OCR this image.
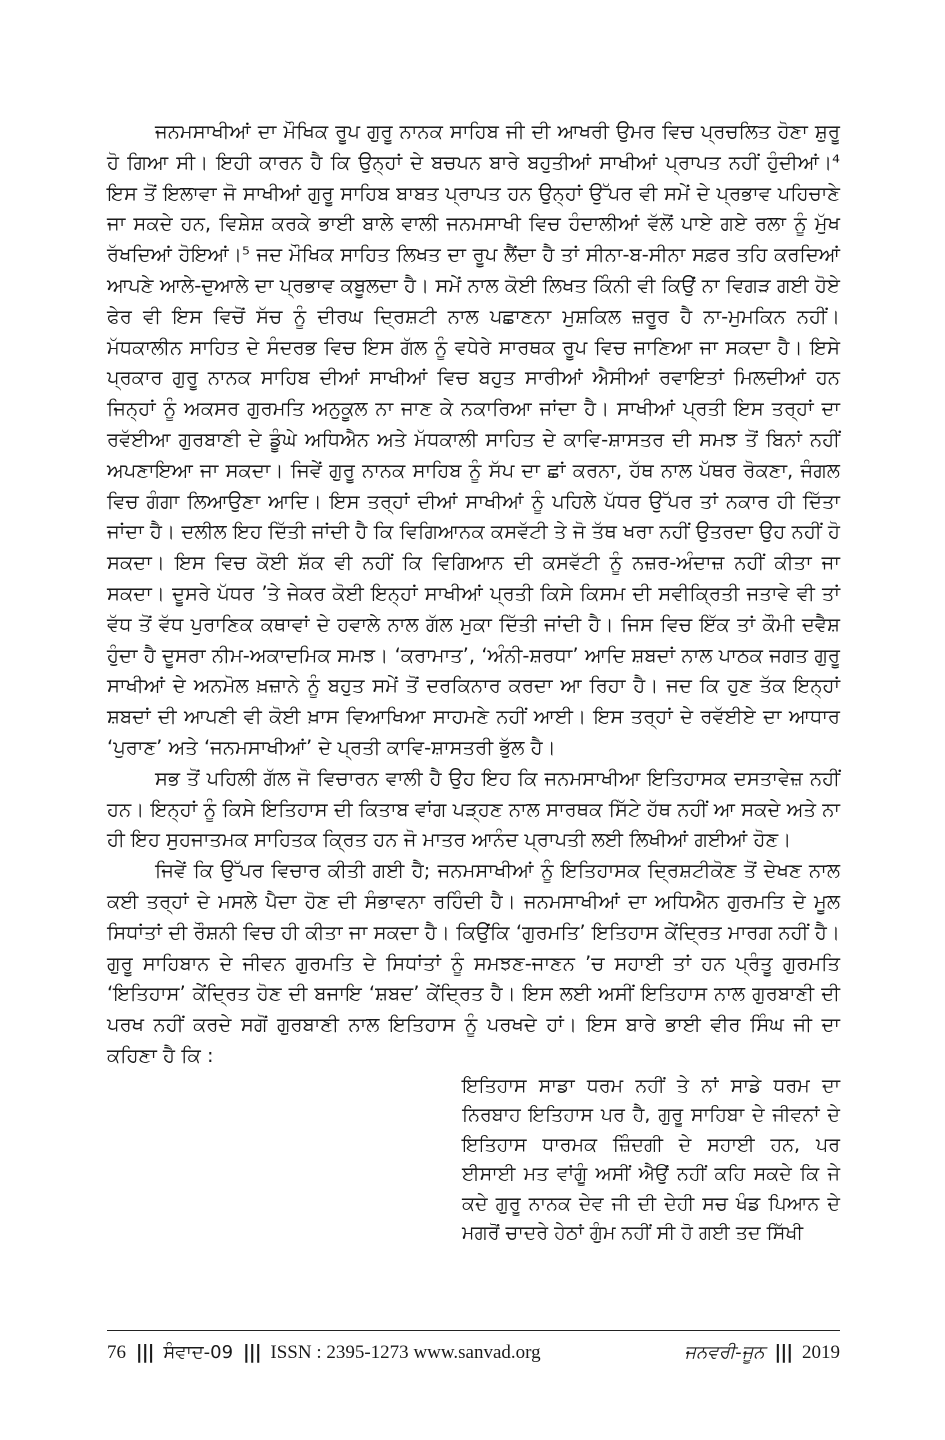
ਜਨਮਸਾਖੀਆਂ ਦਾ ਮੌਖਿਕ ਰੂਪ ਗੁਰੂ ਨਾਨਕ ਸਾਹਿਬ ਜੀ ਦੀ ਆਖਰੀ ਉਮਰ ਵਿਚ ਪ੍ਰਚਲਿਤ ਹੋਣਾ ਸ਼ੁਰੂ ਹੋ ਗਿਆ ਸੀ। ਇਹੀ ਕਾਰਨ ਹੈ ਕਿ ਉਨ੍ਹਾਂ ਦੇ ਬਚਪਨ ਬਾਰੇ ਬਹੁਤੀਆਂ ਸਾਖੀਆਂ ਪ੍ਰਾਪਤ ਨਹੀਂ ਹੁੰਦੀਆਂ।⁴ ਇਸ ਤੋਂ ਇਲਾਵਾ ਜੋ ਸਾਖੀਆਂ ਗੁਰੂ ਸਾਹਿਬ ਬਾਬਤ ਪ੍ਰਾਪਤ ਹਨ ਉਨ੍ਹਾਂ ਉੱਪਰ ਵੀ ਸਮੇਂ ਦੇ ਪ੍ਰਭਾਵ ਪਹਿਚਾਣੇ ਜਾ ਸਕਦੇ ਹਨ, ਵਿਸ਼ੇਸ਼ ਕਰਕੇ ਭਾਈ ਬਾਲੇ ਵਾਲੀ ਜਨਮਸਾਖੀ ਵਿਚ ਹੰਦਾਲੀਆਂ ਵੱਲੋਂ ਪਾਏ ਗਏ ਰਲਾ ਨੂੰ ਮੁੱਖ ਰੱਖਦਿਆਂ ਹੋਇਆਂ।⁵ ਜਦ ਮੌਖਿਕ ਸਾਹਿਤ ਲਿਖਤ ਦਾ ਰੂਪ ਲੈਂਦਾ ਹੈ ਤਾਂ ਸੀਨਾ-ਬ-ਸੀਨਾ ਸਫ਼ਰ ਤਹਿ ਕਰਦਿਆਂ ਆਪਣੇ ਆਲੇ-ਦੁਆਲੇ ਦਾ ਪ੍ਰਭਾਵ ਕਬੂਲਦਾ ਹੈ। ਸਮੇਂ ਨਾਲ ਕੋਈ ਲਿਖਤ ਕਿੰਨੀ ਵੀ ਕਿਉਂ ਨਾ ਵਿਗੜ ਗਈ ਹੋਏ ਫੇਰ ਵੀ ਇਸ ਵਿਚੋਂ ਸੱਚ ਨੂੰ ਦੀਰਘ ਦ੍ਰਿਸ਼ਟੀ ਨਾਲ ਪਛਾਣਨਾ ਮੁਸ਼ਕਿਲ ਜ਼ਰੂਰ ਹੈ ਨਾ-ਮੁਮਕਿਨ ਨਹੀਂ। ਮੱਧਕਾਲੀਨ ਸਾਹਿਤ ਦੇ ਸੰਦਰਭ ਵਿਚ ਇਸ ਗੱਲ ਨੂੰ ਵਧੇਰੇ ਸਾਰਥਕ ਰੂਪ ਵਿਚ ਜਾਣਿਆ ਜਾ ਸਕਦਾ ਹੈ। ਇਸੇ ਪ੍ਰਕਾਰ ਗੁਰੂ ਨਾਨਕ ਸਾਹਿਬ ਦੀਆਂ ਸਾਖੀਆਂ ਵਿਚ ਬਹੁਤ ਸਾਰੀਆਂ ਐਸੀਆਂ ਰਵਾਇਤਾਂ ਮਿਲਦੀਆਂ ਹਨ ਜਿਨ੍ਹਾਂ ਨੂੰ ਅਕਸਰ ਗੁਰਮਤਿ ਅਨੁਕੂਲ ਨਾ ਜਾਣ ਕੇ ਨਕਾਰਿਆ ਜਾਂਦਾ ਹੈ। ਸਾਖੀਆਂ ਪ੍ਰਤੀ ਇਸ ਤਰ੍ਹਾਂ ਦਾ ਰਵੱਈਆ ਗੁਰਬਾਣੀ ਦੇ ਡੂੰਘੇ ਅਧਿਐਨ ਅਤੇ ਮੱਧਕਾਲੀ ਸਾਹਿਤ ਦੇ ਕਾਵਿ-ਸ਼ਾਸਤਰ ਦੀ ਸਮਝ ਤੋਂ ਬਿਨਾਂ ਨਹੀਂ ਅਪਣਾਇਆ ਜਾ ਸਕਦਾ। ਜਿਵੇਂ ਗੁਰੂ ਨਾਨਕ ਸਾਹਿਬ ਨੂੰ ਸੱਪ ਦਾ ਛਾਂ ਕਰਨਾ, ਹੱਥ ਨਾਲ ਪੱਥਰ ਰੋਕਣਾ, ਜੰਗਲ ਵਿਚ ਗੰਗਾ ਲਿਆਉਣਾ ਆਦਿ। ਇਸ ਤਰ੍ਹਾਂ ਦੀਆਂ ਸਾਖੀਆਂ ਨੂੰ ਪਹਿਲੇ ਪੱਧਰ ਉੱਪਰ ਤਾਂ ਨਕਾਰ ਹੀ ਦਿੱਤਾ ਜਾਂਦਾ ਹੈ। ਦਲੀਲ ਇਹ ਦਿੱਤੀ ਜਾਂਦੀ ਹੈ ਕਿ ਵਿਗਿਆਨਕ ਕਸਵੱਟੀ ਤੇ ਜੋ ਤੱਥ ਖਰਾ ਨਹੀਂ ਉਤਰਦਾ ਉਹ ਨਹੀਂ ਹੋ ਸਕਦਾ। ਇਸ ਵਿਚ ਕੋਈ ਸ਼ੱਕ ਵੀ ਨਹੀਂ ਕਿ ਵਿਗਿਆਨ ਦੀ ਕਸਵੱਟੀ ਨੂੰ ਨਜ਼ਰ-ਅੰਦਾਜ਼ ਨਹੀਂ ਕੀਤਾ ਜਾ ਸਕਦਾ। ਦੂਸਰੇ ਪੱਧਰ ’ਤੇ ਜੇਕਰ ਕੋਈ ਇਨ੍ਹਾਂ ਸਾਖੀਆਂ ਪ੍ਰਤੀ ਕਿਸੇ ਕਿਸਮ ਦੀ ਸਵੀਕ੍ਰਿਤੀ ਜਤਾਵੇ ਵੀ ਤਾਂ ਵੱਧ ਤੋਂ ਵੱਧ ਪੁਰਾਣਿਕ ਕਥਾਵਾਂ ਦੇ ਹਵਾਲੇ ਨਾਲ ਗੱਲ ਮੁਕਾ ਦਿੱਤੀ ਜਾਂਦੀ ਹੈ। ਜਿਸ ਵਿਚ ਇੱਕ ਤਾਂ ਕੌਮੀ ਦਵੈਸ਼ ਹੁੰਦਾ ਹੈ ਦੂਸਰਾ ਨੀਮ-ਅਕਾਦਮਿਕ ਸਮਝ। ‘ਕਰਾਮਾਤ’, ‘ਅੰਨੀ-ਸ਼ਰਧਾ’ ਆਦਿ ਸ਼ਬਦਾਂ ਨਾਲ ਪਾਠਕ ਜਗਤ ਗੁਰੂ ਸਾਖੀਆਂ ਦੇ ਅਨਮੋਲ ਖ਼ਜ਼ਾਨੇ ਨੂੰ ਬਹੁਤ ਸਮੇਂ ਤੋਂ ਦਰਕਿਨਾਰ ਕਰਦਾ ਆ ਰਿਹਾ ਹੈ। ਜਦ ਕਿ ਹੁਣ ਤੱਕ ਇਨ੍ਹਾਂ ਸ਼ਬਦਾਂ ਦੀ ਆਪਣੀ ਵੀ ਕੋਈ ਖ਼ਾਸ ਵਿਆਖਿਆ ਸਾਹਮਣੇ ਨਹੀਂ ਆਈ। ਇਸ ਤਰ੍ਹਾਂ ਦੇ ਰਵੱਈਏ ਦਾ ਆਧਾਰ ‘ਪੁਰਾਣ’ ਅਤੇ ‘ਜਨਮਸਾਖੀਆਂ’ ਦੇ ਪ੍ਰਤੀ ਕਾਵਿ-ਸ਼ਾਸਤਰੀ ਭੁੱਲ ਹੈ।

ਸਭ ਤੋਂ ਪਹਿਲੀ ਗੱਲ ਜੋ ਵਿਚਾਰਨ ਵਾਲੀ ਹੈ ਉਹ ਇਹ ਕਿ ਜਨਮਸਾਖੀਆ ਇਤਿਹਾਸਕ ਦਸਤਾਵੇਜ਼ ਨਹੀਂ ਹਨ। ਇਨ੍ਹਾਂ ਨੂੰ ਕਿਸੇ ਇਤਿਹਾਸ ਦੀ ਕਿਤਾਬ ਵਾਂਗ ਪੜ੍ਹਣ ਨਾਲ ਸਾਰਥਕ ਸਿੱਟੇ ਹੱਥ ਨਹੀਂ ਆ ਸਕਦੇ ਅਤੇ ਨਾ ਹੀ ਇਹ ਸੁਹਜਾਤਮਕ ਸਾਹਿਤਕ ਕ੍ਰਿਤ ਹਨ ਜੋ ਮਾਤਰ ਆਨੰਦ ਪ੍ਰਾਪਤੀ ਲਈ ਲਿਖੀਆਂ ਗਈਆਂ ਹੋਣ।

ਜਿਵੇਂ ਕਿ ਉੱਪਰ ਵਿਚਾਰ ਕੀਤੀ ਗਈ ਹੈ; ਜਨਮਸਾਖੀਆਂ ਨੂੰ ਇਤਿਹਾਸਕ ਦ੍ਰਿਸ਼ਟੀਕੋਣ ਤੋਂ ਦੇਖਣ ਨਾਲ ਕਈ ਤਰ੍ਹਾਂ ਦੇ ਮਸਲੇ ਪੈਦਾ ਹੋਣ ਦੀ ਸੰਭਾਵਨਾ ਰਹਿੰਦੀ ਹੈ। ਜਨਮਸਾਖੀਆਂ ਦਾ ਅਧਿਐਨ ਗੁਰਮਤਿ ਦੇ ਮੂਲ ਸਿਧਾਂਤਾਂ ਦੀ ਰੌਸ਼ਨੀ ਵਿਚ ਹੀ ਕੀਤਾ ਜਾ ਸਕਦਾ ਹੈ। ਕਿਉਂਕਿ ‘ਗੁਰਮਤਿ’ ਇਤਿਹਾਸ ਕੇਂਦ੍ਰਿਤ ਮਾਰਗ ਨਹੀਂ ਹੈ। ਗੁਰੂ ਸਾਹਿਬਾਨ ਦੇ ਜੀਵਨ ਗੁਰਮਤਿ ਦੇ ਸਿਧਾਂਤਾਂ ਨੂੰ ਸਮਝਣ-ਜਾਣਨ ’ਚ ਸਹਾਈ ਤਾਂ ਹਨ ਪ੍ਰੰਤੂ ਗੁਰਮਤਿ ‘ਇਤਿਹਾਸ’ ਕੇਂਦ੍ਰਿਤ ਹੋਣ ਦੀ ਬਜਾਇ ‘ਸ਼ਬਦ’ ਕੇਂਦ੍ਰਿਤ ਹੈ। ਇਸ ਲਈ ਅਸੀਂ ਇਤਿਹਾਸ ਨਾਲ ਗੁਰਬਾਣੀ ਦੀ ਪਰਖ ਨਹੀਂ ਕਰਦੇ ਸਗੋਂ ਗੁਰਬਾਣੀ ਨਾਲ ਇਤਿਹਾਸ ਨੂੰ ਪਰਖਦੇ ਹਾਂ। ਇਸ ਬਾਰੇ ਭਾਈ ਵੀਰ ਸਿੰਘ ਜੀ ਦਾ ਕਹਿਣਾ ਹੈ ਕਿ :

ਇਤਿਹਾਸ ਸਾਡਾ ਧਰਮ ਨਹੀਂ ਤੇ ਨਾਂ ਸਾਡੇ ਧਰਮ ਦਾ ਨਿਰਬਾਹ ਇਤਿਹਾਸ ਪਰ ਹੈ, ਗੁਰੂ ਸਾਹਿਬਾ ਦੇ ਜੀਵਨਾਂ ਦੇ ਇਤਿਹਾਸ ਧਾਰਮਕ ਜ਼ਿੰਦਗੀ ਦੇ ਸਹਾਈ ਹਨ, ਪਰ ਈਸਾਈ ਮਤ ਵਾਂਗੂੰ ਅਸੀਂ ਐਉਂ ਨਹੀਂ ਕਹਿ ਸਕਦੇ ਕਿ ਜੇ ਕਦੇ ਗੁਰੂ ਨਾਨਕ ਦੇਵ ਜੀ ਦੀ ਦੇਹੀ ਸਚ ਖੰਡ ਪਿਆਨ ਦੇ ਮਗਰੋਂ ਚਾਦਰੇ ਹੇਠਾਂ ਗੁੰਮ ਨਹੀਂ ਸੀ ਹੋ ਗਈ ਤਦ ਸਿੱਖੀ
76 ||| ਸੰਵਾਦ-09 ||| ISSN : 2395-1273 www.sanvad.org	ਜਨਵਰੀ-ਜੂਨ ||| 2019
